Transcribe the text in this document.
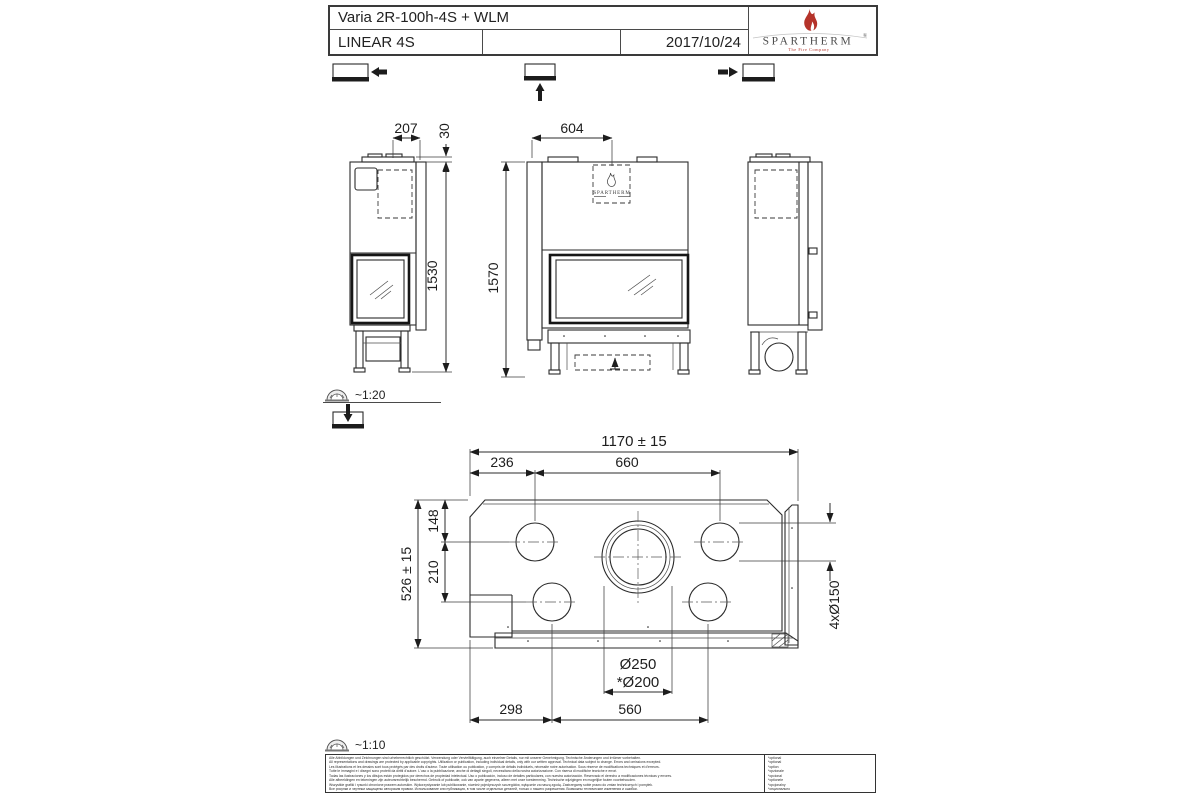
Varia 2R-100h-4S + WLM
LINEAR 4S	2017/10/24	SPARTHERM ®
The Fire Company
207 30
1530	1570
SPARTHERM
604
~1:20
1170 ± 15
236	660
526 ± 15
148
210
4xØ150
Ø250
*Ø200
298	560
~1:10
Alle Abbildungen und Zeichnungen sind urheberrechtlich geschützt. Verwendung oder Vervielfältigung, auch einzelner Details, nur mit unserer Genehmigung. Technische Änderungen und Irrtümer vorbehalten.
All representations and drawings are protected by applicable copyrights. Utilization or publication, including individual details, only with our written approval. Technical data subject to change. Errors and omissions excepted.
Les illustrations et les dessins sont tous protégés par des droits d'auteur. Toute utilisation ou publication, y compris de détails individuels, nécessite notre autorisation. Sous réserve de modifications techniques et d'erreurs.
Tutte le immagini e i disegni sono protetti da diritti d'autore. L'uso o la pubblicazione, anche di dettagli singoli, necessitano della nostra autorizzazione. Con riserva di modifiche tecniche e errori.
Todas las ilustraciones y los dibujos están protegidos por derechos de propiedad intelectual. Uso o publicación, incluso de detalles particulares, con nuestra autorización. Reservado el derecho a modificaciones técnicas y errores.
Alle afbeeldingen en tekeningen zijn auteursrechtelijk beschermd. Gebruik of publicatie, ook van aparte gegevens, alleen met onze toestemming. Technische wijzigingen en mogelijke fouten voorbehouden.
Wszystkie grafiki i rysunki chronione prawem autorskim. Wykorzystywanie lub publikowanie, również pojedynczych szczegółów, wyłącznie za naszą zgodą. Zastrzegamy sobie prawo do zmian technicznych i pomyłek.
Все рисунки и чертежи защищены авторским правом. Использование или публикация, в том числе отдельных деталей, только с нашего разрешения. Возможны технические изменения и ошибки.
*optional
*optional
*option
*opzionale
*opcional
*optionele
*opcjonalny
*опционально
